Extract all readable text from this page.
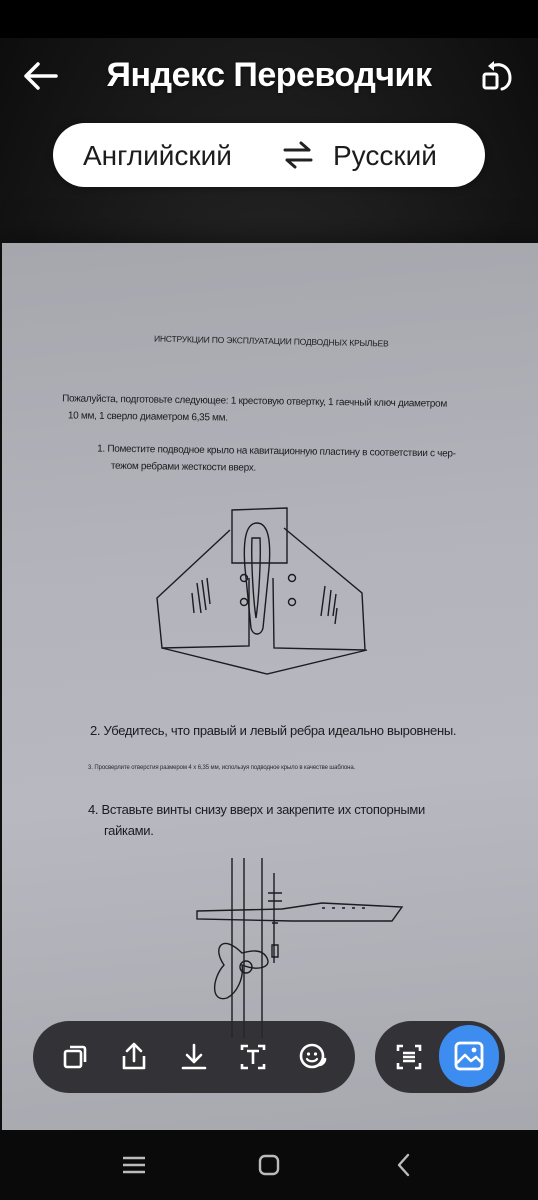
ИНСТРУКЦИИ ПО ЭКСПЛУАТАЦИИ ПОДВОДНЫХ КРЫЛЬЕВ
Пожалуйста, подготовьте следующее: 1 крестовую отвертку, 1 гаечный ключ диаметром
10 мм, 1 сверло диаметром 6,35 мм.
1. Поместите подводное крыло на кавитационную пластину в соответствии с чер-
тежом ребрами жесткости вверх.
2. Убедитесь, что правый и левый ребра идеально выровнены.
3. Просверлите отверстия размером 4 х 6,35 мм, используя подводное крыло в качестве шаблона.
4. Вставьте винты снизу вверх и закрепите их стопорными
гайками.
Яндекс Переводчик
Английский	Русский
